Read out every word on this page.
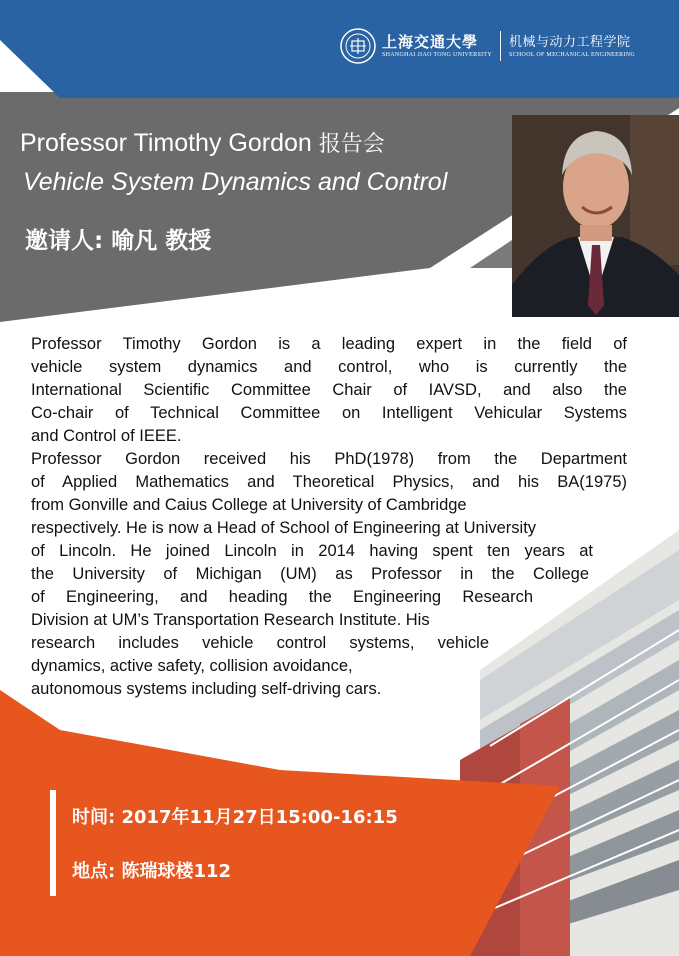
上海交通大學
SHANGHAI JIAO TONG UNIVERSITY
机械与动力工程学院
SCHOOL OF MECHANICAL ENGINEERING
Professor Timothy Gordon 报告会
Vehicle System Dynamics and Control
邀请人: 喻凡 教授
Professor Timothy Gordon is a leading expert in the field of
vehicle system dynamics and control, who is currently the
International Scientific Committee Chair of IAVSD, and also the
Co-chair of Technical Committee on Intelligent Vehicular Systems
and Control of IEEE.
Professor Gordon received his PhD(1978) from the Department
of Applied Mathematics and Theoretical Physics, and his BA(1975)
from Gonville and Caius College at University of Cambridge
respectively. He is now a Head of School of Engineering at University
of Lincoln. He joined Lincoln in 2014 having spent ten years at
the University of Michigan (UM) as Professor in the College
of Engineering, and heading the Engineering Research
Division at UM’s Transportation Research Institute. His
research includes vehicle control systems, vehicle
dynamics, active safety, collision avoidance,
autonomous systems including self-driving cars.
时间: 2017年11月27日15:00-16:15
地点: 陈瑞球楼112
